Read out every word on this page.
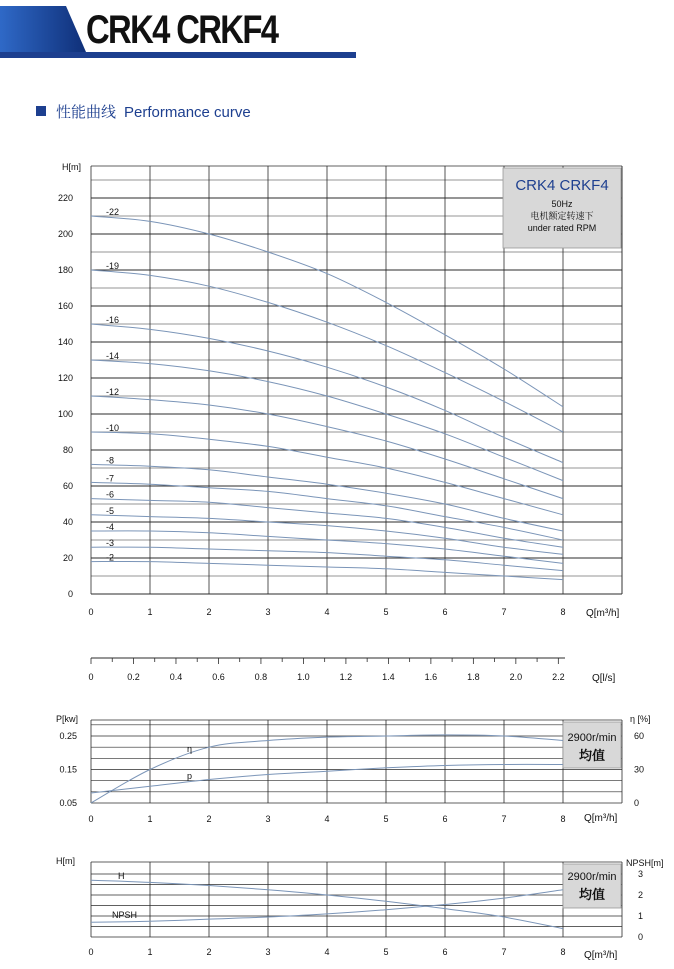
CRK4 CRKF4
性能曲线 Performance curve
0	1	2	3	4	5	6	7	8
0
20
40
60
80
100
120
140
160
180
200
220
H[m]
Q[m³/h]
CRK4 CRKF4
50Hz
电机额定转速下
under rated RPM
-22
-19
-16
-14
-12
-10
-8
-7
-6
-5
-4
-3
-2
0	0.2	0.4	0.6	0.8	1.0	1.2	1.4	1.6	1.8	2.0	2.2	Q[l/s]
0	1	2	3	4	5	6	7	8
0.05
0.15
0.25
0
30
60
P[kw]	η [%]
Q[m³/h]
2900r/min
均值
η
p
0	1	2	3	4	5	6	7	8
0
1
2
3
H[m]	NPSH[m]
Q[m³/h]
2900r/min
均值
H
NPSH
